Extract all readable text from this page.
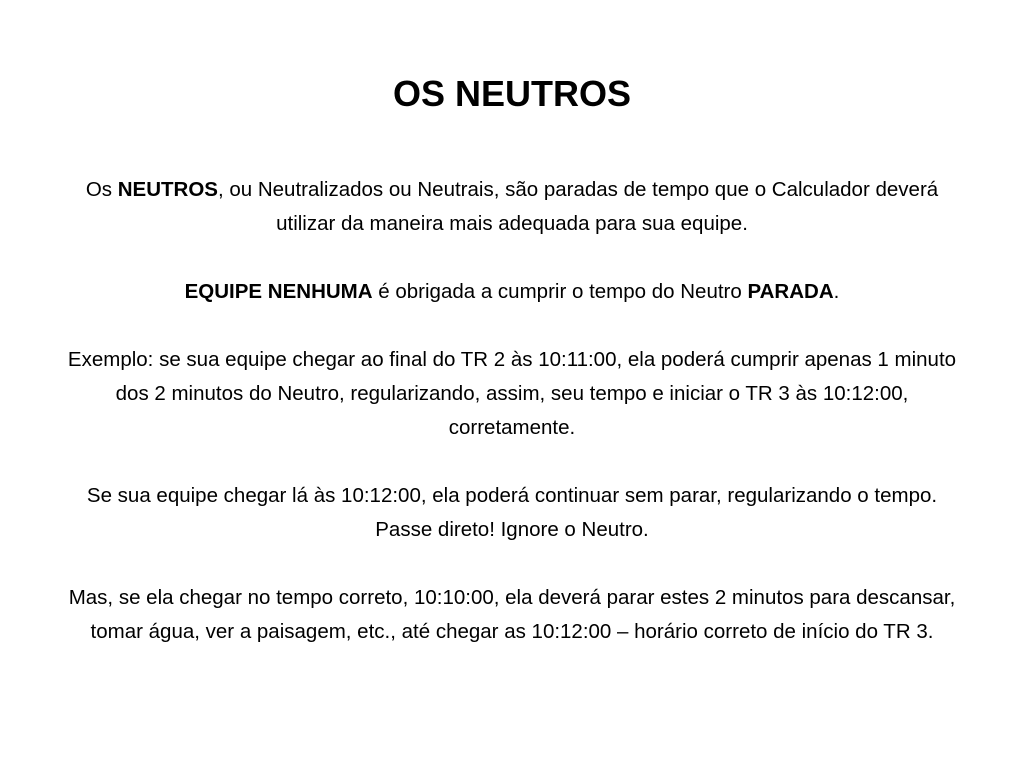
OS NEUTROS

Os NEUTROS, ou Neutralizados ou Neutrais, são paradas de tempo que o Calculador deverá utilizar da maneira mais adequada para sua equipe.

EQUIPE NENHUMA é obrigada a cumprir o tempo do Neutro PARADA.

Exemplo: se sua equipe chegar ao final do TR 2 às 10:11:00, ela poderá cumprir apenas 1 minuto dos 2 minutos do Neutro, regularizando, assim, seu tempo e iniciar o TR 3 às 10:12:00, corretamente.

Se sua equipe chegar lá às 10:12:00, ela poderá continuar sem parar, regularizando o tempo. Passe direto! Ignore o Neutro.

Mas, se ela chegar no tempo correto, 10:10:00, ela deverá parar estes 2 minutos para descansar, tomar água, ver a paisagem, etc., até chegar as 10:12:00 – horário correto de início do TR 3.
